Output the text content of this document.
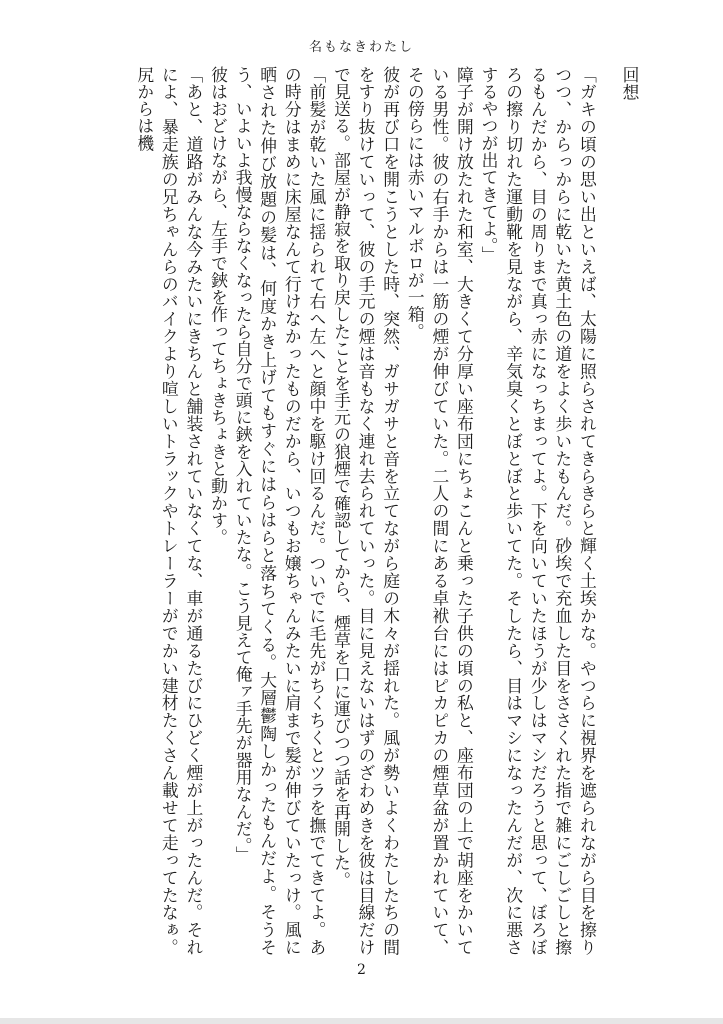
名もなきわたし

回想

「ガキの頃の思い出といえば、太陽に照らされてきらきらと輝く土埃かな。やつらに視界を遮られながら目を擦りつつ、からっからに乾いた黄土色の道をよく歩いたもんだ。砂埃で充血した目をささくれた指で雑にごしごしと擦るもんだから、目の周りまで真っ赤になっちまってよ。下を向いていたほうが少しはマシだろうと思って、ぼろぼろの擦り切れた運動靴を見ながら、辛気臭くとぼとぼと歩いてた。そしたら、目はマシになったんだが、次に悪さするやつが出てきてよ。」

障子が開け放たれた和室、大きくて分厚い座布団にちょこんと乗った子供の頃の私と、座布団の上で胡座をかいている男性。彼の右手からは一筋の煙が伸びていた。二人の間にある卓袱台にはピカピカの煙草盆が置かれていて、その傍らには赤いマルボロが一箱。

彼が再び口を開こうとした時、突然、ガサガサと音を立てながら庭の木々が揺れた。風が勢いよくわたしたちの間をすり抜けていって、彼の手元の煙は音もなく連れ去られていった。目に見えないはずのざわめきを彼は目線だけで見送る。部屋が静寂を取り戻したことを手元の狼煙で確認してから、煙草を口に運びつつ話を再開した。

「前髪が乾いた風に揺られて右へ左へと顔中を駆け回るんだ。ついでに毛先がちくちくとツラを撫でてきてよ。あの時分はまめに床屋なんて行けなかったものだから、いつもお嬢ちゃんみたいに肩まで髪が伸びていたっけ。風に晒された伸び放題の髪は、何度かき上げてもすぐにはらはらと落ちてくる。大層鬱陶しかったもんだよ。そうそう、いよいよ我慢ならなくなったら自分で頭に鋏を入れていたな。こう見えて俺ァ手先が器用なんだ。」

彼はおどけながら、左手で鋏を作ってちょきちょきと動かす。

「あと、道路がみんな今みたいにきちんと舗装されていなくてな、車が通るたびにひどく煙が上がったんだ。それによ、暴走族の兄ちゃんらのバイクより喧しいトラックやトレーラーがでかい建材たくさん載せて走ってたなぁ。尻からは機

2
